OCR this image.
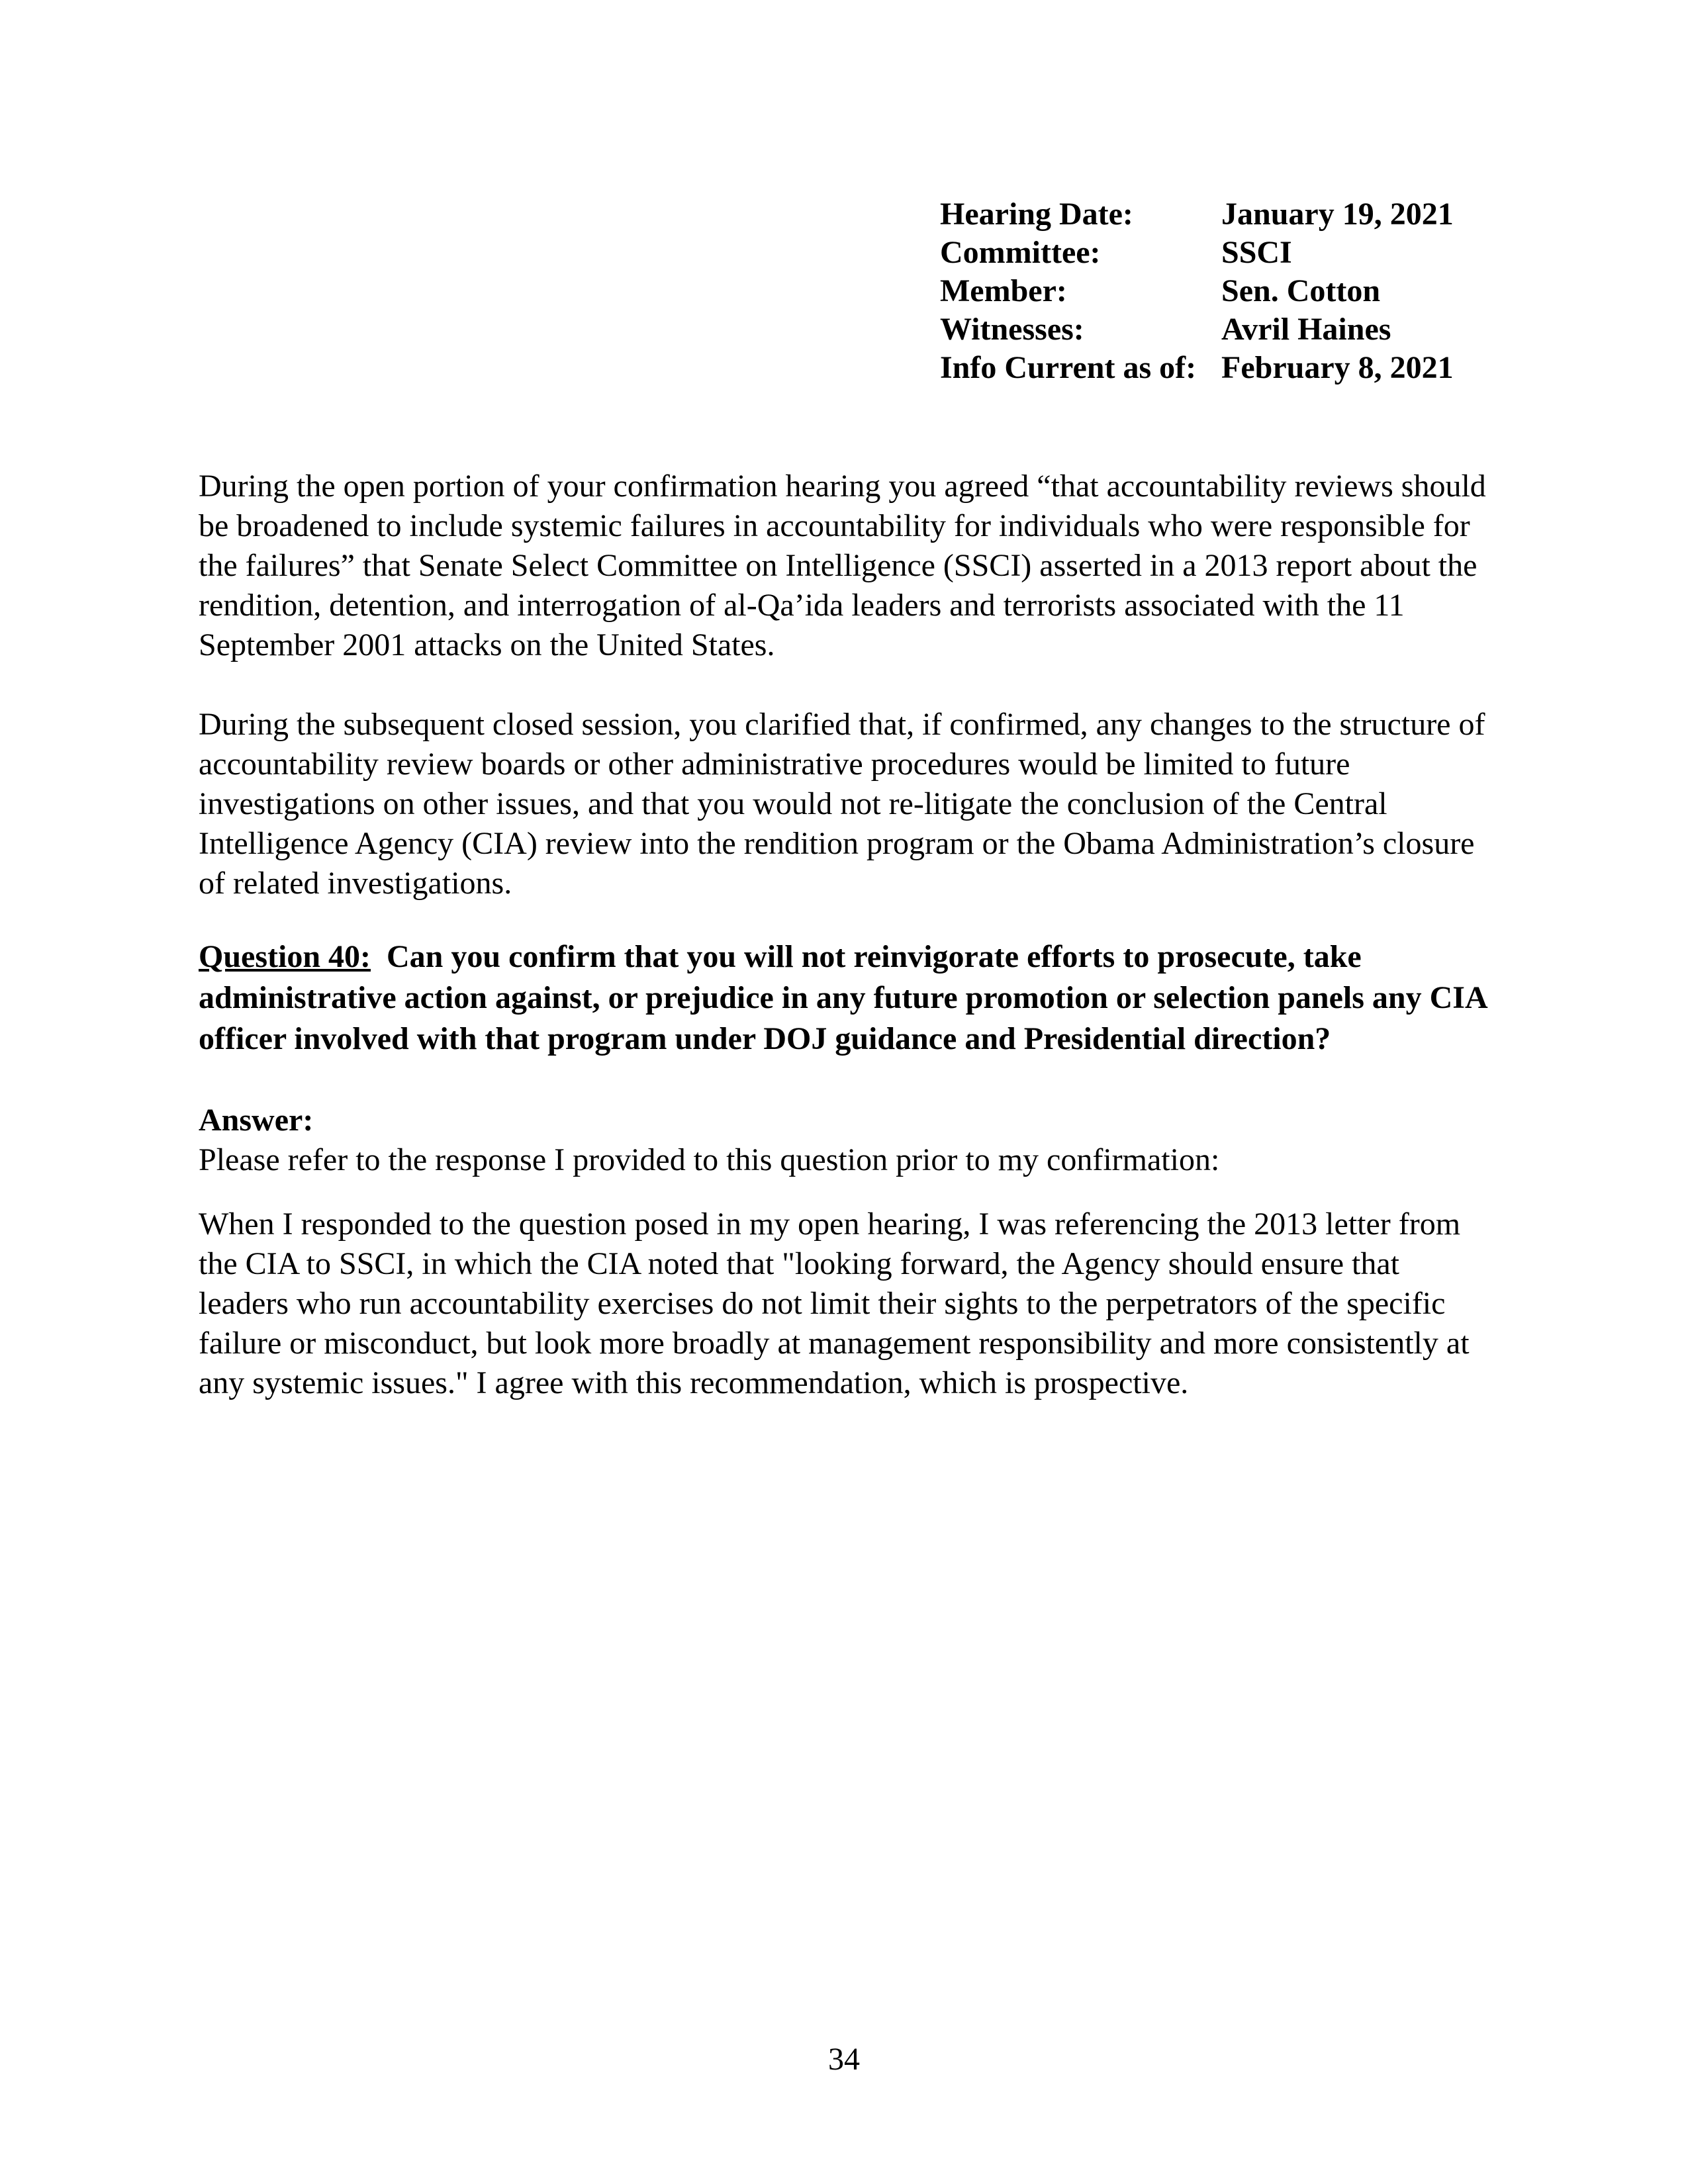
Hearing Date:	January 19, 2021
Committee:	SSCI
Member:	Sen. Cotton
Witnesses:	Avril Haines
Info Current as of:	February 8, 2021

During the open portion of your confirmation hearing you agreed “that accountability reviews should be broadened to include systemic failures in accountability for individuals who were responsible for the failures” that Senate Select Committee on Intelligence (SSCI) asserted in a 2013 report about the rendition, detention, and interrogation of al-Qa’ida leaders and terrorists associated with the 11 September 2001 attacks on the United States.

During the subsequent closed session, you clarified that, if confirmed, any changes to the structure of accountability review boards or other administrative procedures would be limited to future investigations on other issues, and that you would not re-litigate the conclusion of the Central Intelligence Agency (CIA) review into the rendition program or the Obama Administration’s closure of related investigations.

Question 40: Can you confirm that you will not reinvigorate efforts to prosecute, take administrative action against, or prejudice in any future promotion or selection panels any CIA officer involved with that program under DOJ guidance and Presidential direction?

Answer:

Please refer to the response I provided to this question prior to my confirmation:

When I responded to the question posed in my open hearing, I was referencing the 2013 letter from the CIA to SSCI, in which the CIA noted that "looking forward, the Agency should ensure that leaders who run accountability exercises do not limit their sights to the perpetrators of the specific failure or misconduct, but look more broadly at management responsibility and more consistently at any systemic issues." I agree with this recommendation, which is prospective.

34
